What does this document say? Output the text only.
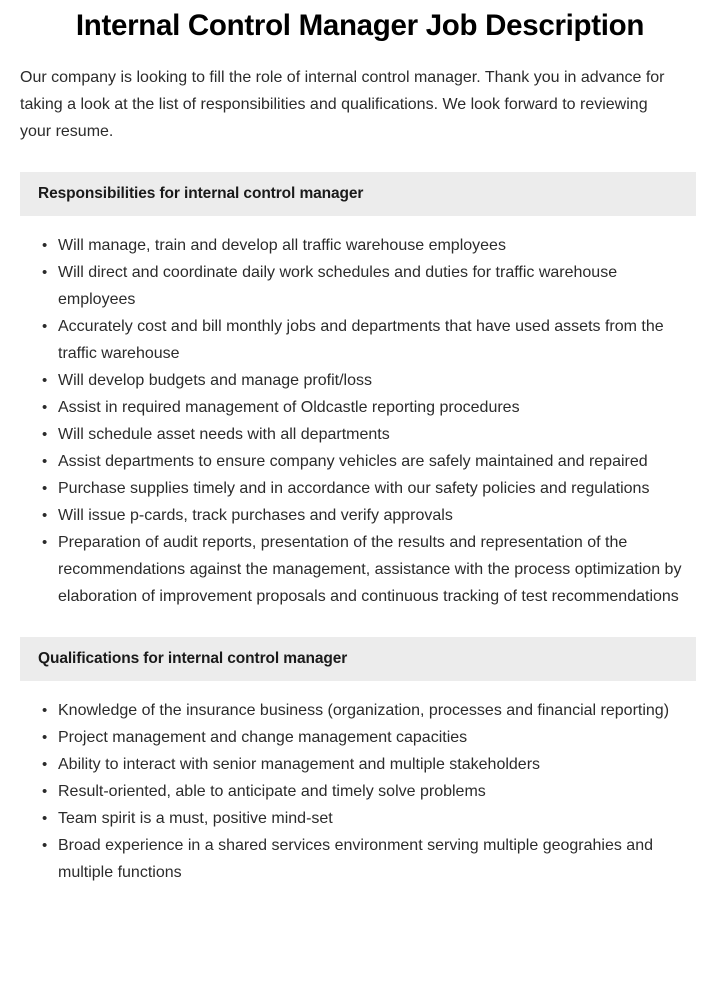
Internal Control Manager Job Description

Our company is looking to fill the role of internal control manager. Thank you in advance for taking a look at the list of responsibilities and qualifications. We look forward to reviewing your resume.

Responsibilities for internal control manager
• Will manage, train and develop all traffic warehouse employees
• Will direct and coordinate daily work schedules and duties for traffic warehouse employees
• Accurately cost and bill monthly jobs and departments that have used assets from the traffic warehouse
• Will develop budgets and manage profit/loss
• Assist in required management of Oldcastle reporting procedures
• Will schedule asset needs with all departments
• Assist departments to ensure company vehicles are safely maintained and repaired
• Purchase supplies timely and in accordance with our safety policies and regulations
• Will issue p-cards, track purchases and verify approvals
• Preparation of audit reports, presentation of the results and representation of the recommendations against the management, assistance with the process optimization by elaboration of improvement proposals and continuous tracking of test recommendations
Qualifications for internal control manager
• Knowledge of the insurance business (organization, processes and financial reporting)
• Project management and change management capacities
• Ability to interact with senior management and multiple stakeholders
• Result-oriented, able to anticipate and timely solve problems
• Team spirit is a must, positive mind-set
• Broad experience in a shared services environment serving multiple geograhies and multiple functions
